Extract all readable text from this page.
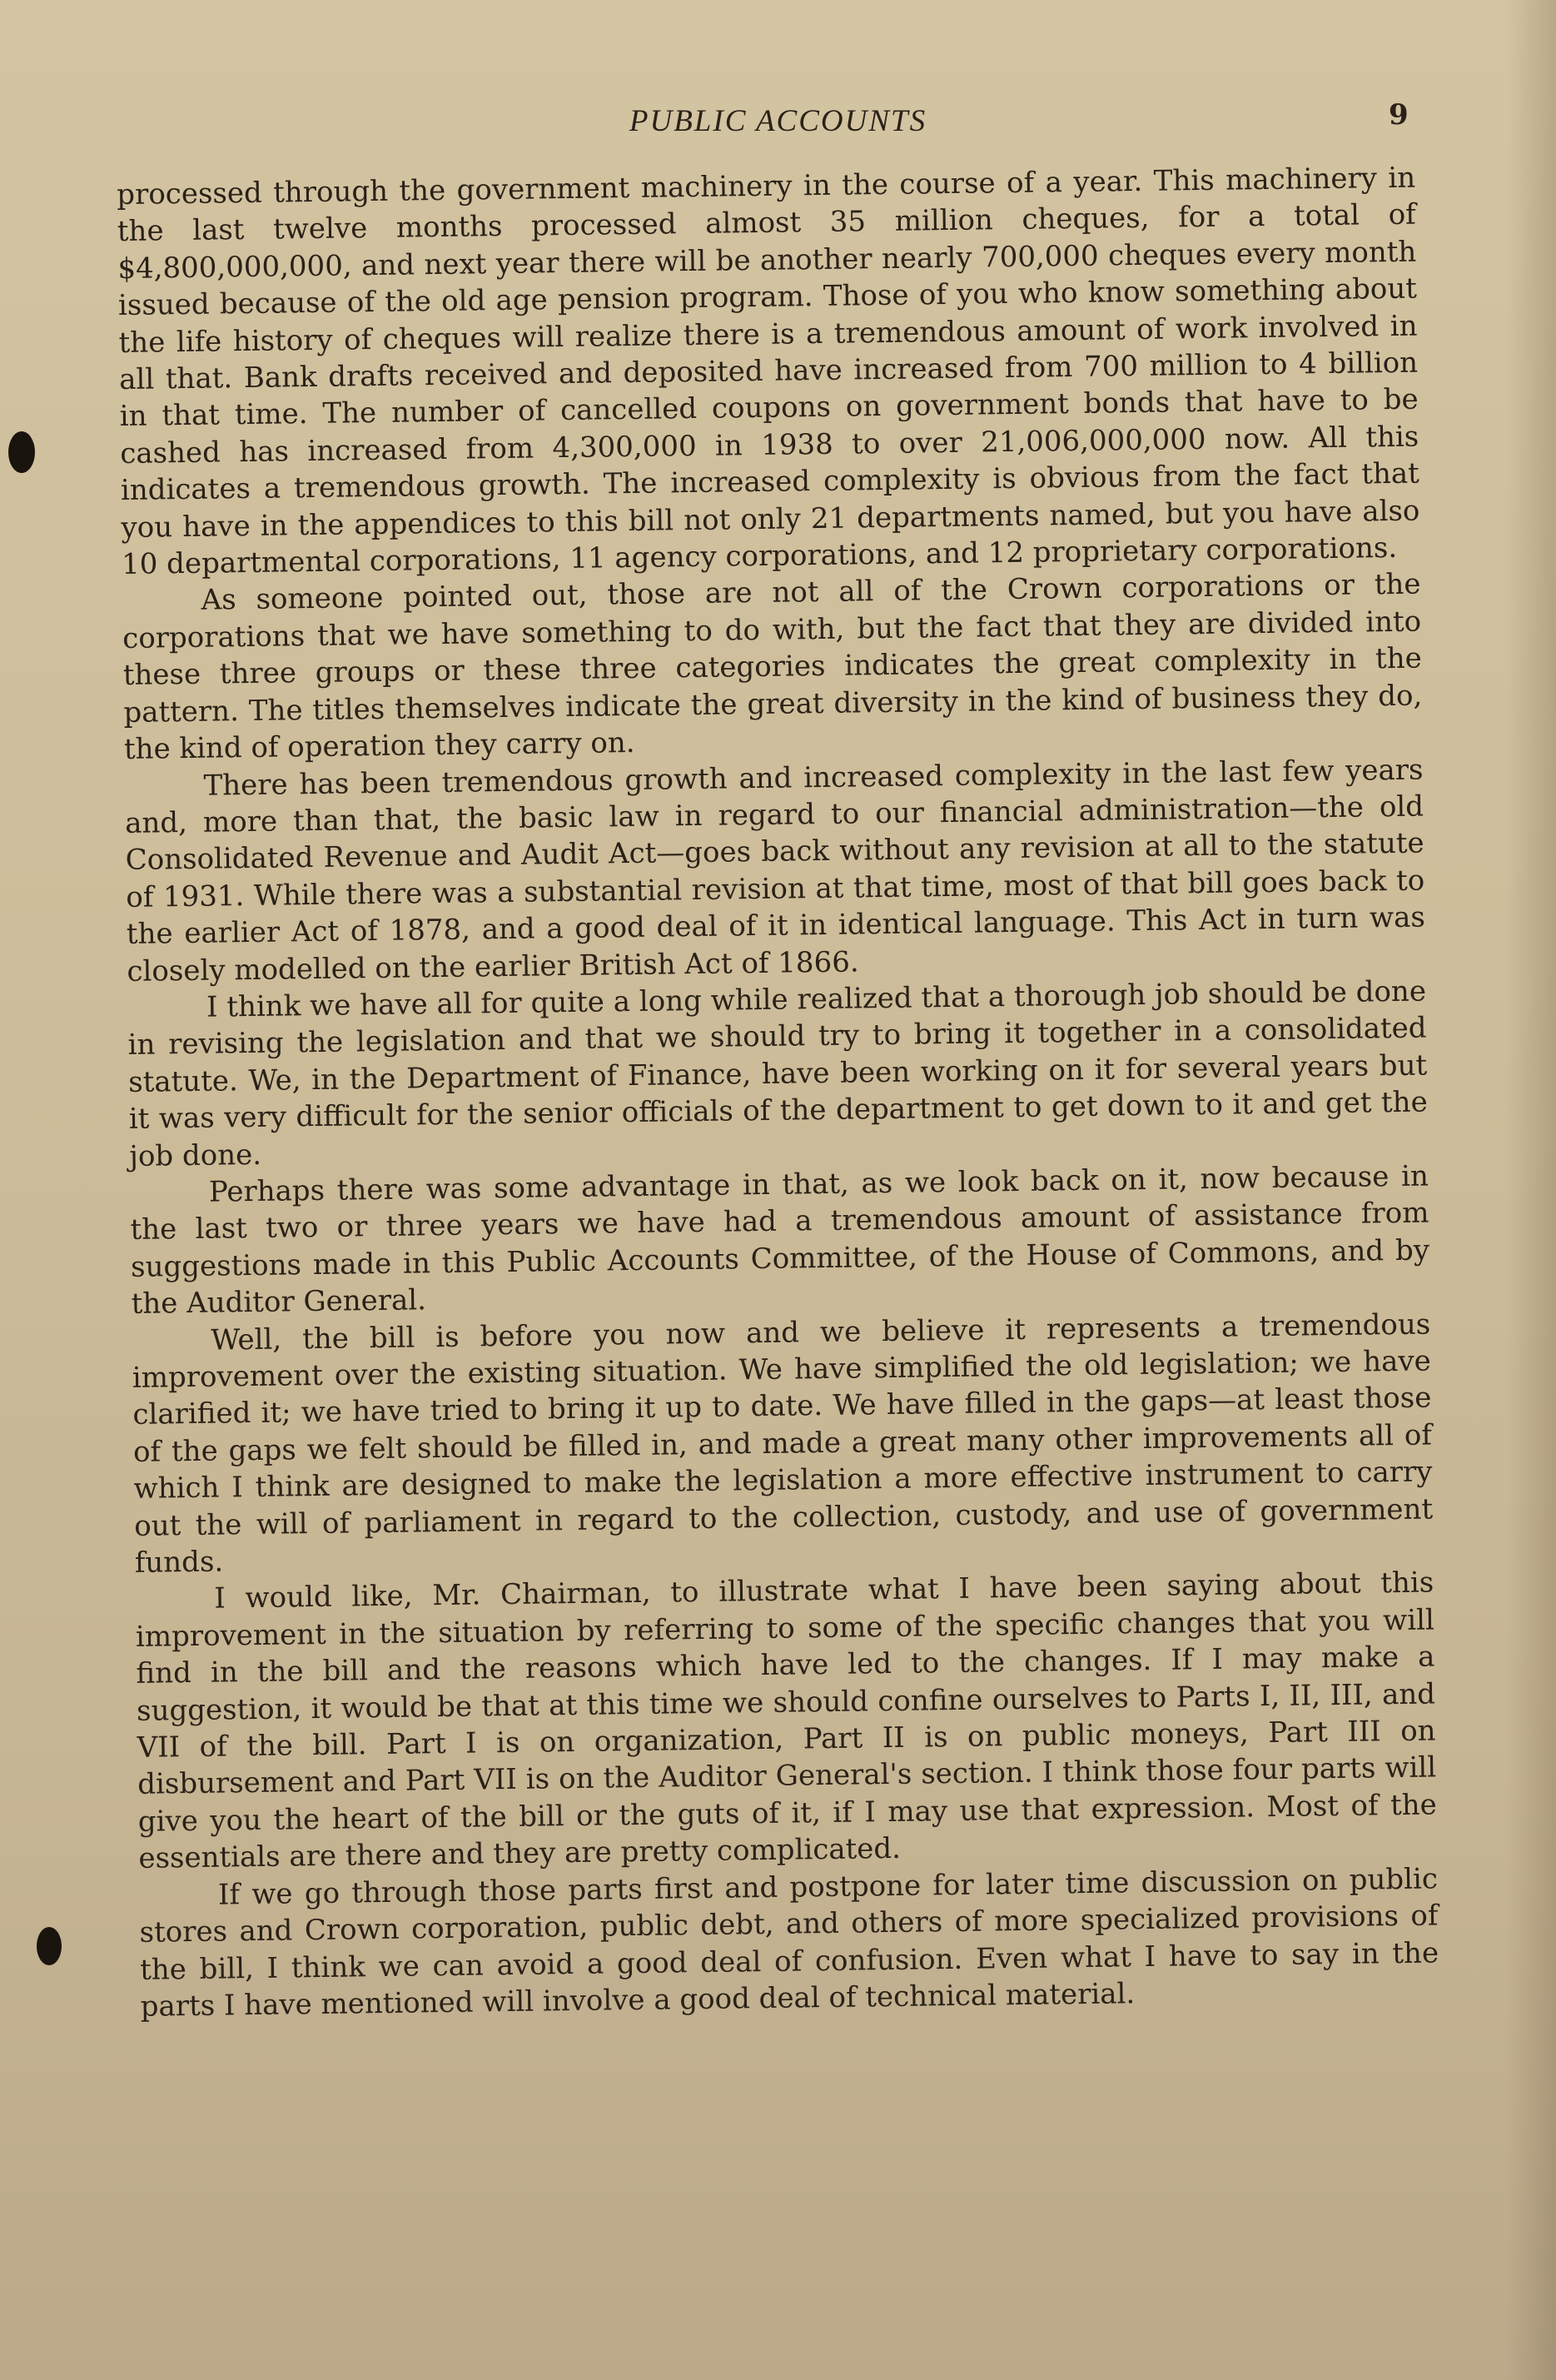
PUBLIC ACCOUNTS	9

processed through the government machinery in the course of a year. This machinery in the last twelve months processed almost 35 million cheques, for a total of $4,800,000,000, and next year there will be another nearly 700,000 cheques every month issued because of the old age pension program. Those of you who know something about the life history of cheques will realize there is a tremendous amount of work involved in all that. Bank drafts received and deposited have increased from 700 million to 4 billion in that time. The number of cancelled coupons on government bonds that have to be cashed has increased from 4,300,000 in 1938 to over 21,006,000,000 now. All this indicates a tremendous growth. The increased complexity is obvious from the fact that you have in the appendices to this bill not only 21 departments named, but you have also 10 departmental corporations, 11 agency corporations, and 12 proprietary corporations.

As someone pointed out, those are not all of the Crown corporations or the corporations that we have something to do with, but the fact that they are divided into these three groups or these three categories indicates the great complexity in the pattern. The titles themselves indicate the great diversity in the kind of business they do, the kind of operation they carry on.

There has been tremendous growth and increased complexity in the last few years and, more than that, the basic law in regard to our financial administration—the old Consolidated Revenue and Audit Act—goes back without any revision at all to the statute of 1931. While there was a substantial revision at that time, most of that bill goes back to the earlier Act of 1878, and a good deal of it in identical language. This Act in turn was closely modelled on the earlier British Act of 1866.

I think we have all for quite a long while realized that a thorough job should be done in revising the legislation and that we should try to bring it together in a consolidated statute. We, in the Department of Finance, have been working on it for several years but it was very difficult for the senior officials of the department to get down to it and get the job done.

Perhaps there was some advantage in that, as we look back on it, now because in the last two or three years we have had a tremendous amount of assistance from suggestions made in this Public Accounts Committee, of the House of Commons, and by the Auditor General.

Well, the bill is before you now and we believe it represents a tremendous improvement over the existing situation. We have simplified the old legislation; we have clarified it; we have tried to bring it up to date. We have filled in the gaps—at least those of the gaps we felt should be filled in, and made a great many other improvements all of which I think are designed to make the legislation a more effective instrument to carry out the will of parliament in regard to the collection, custody, and use of government funds.

I would like, Mr. Chairman, to illustrate what I have been saying about this improvement in the situation by referring to some of the specific changes that you will find in the bill and the reasons which have led to the changes. If I may make a suggestion, it would be that at this time we should confine ourselves to Parts I, II, III, and VII of the bill. Part I is on organization, Part II is on public moneys, Part III on disbursement and Part VII is on the Auditor General's section. I think those four parts will give you the heart of the bill or the guts of it, if I may use that expression. Most of the essentials are there and they are pretty complicated.

If we go through those parts first and postpone for later time discussion on public stores and Crown corporation, public debt, and others of more specialized provisions of the bill, I think we can avoid a good deal of confusion. Even what I have to say in the parts I have mentioned will involve a good deal of technical material.
